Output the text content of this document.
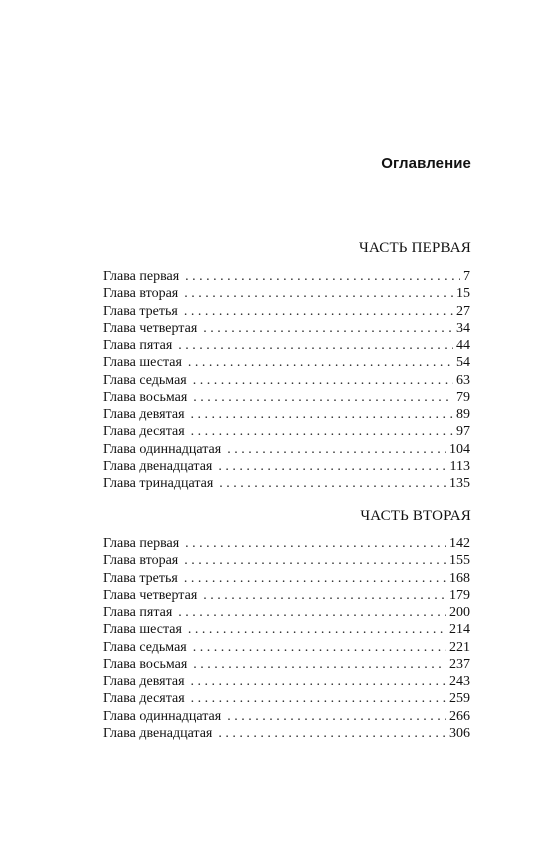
Оглавление
ЧАСТЬ ПЕРВАЯ
Глава первая . . .	7
Глава вторая . . .	15
Глава третья . . .	27
Глава четвертая . . .	34
Глава пятая . . .	44
Глава шестая . . .	54
Глава седьмая . . .	63
Глава восьмая . . .	79
Глава девятая . . .	89
Глава десятая . . .	97
Глава одиннадцатая . . .	104
Глава двенадцатая . . .	113
Глава тринадцатая . . .	135
ЧАСТЬ ВТОРАЯ
Глава первая . . .	142
Глава вторая . . .	155
Глава третья . . .	168
Глава четвертая . . .	179
Глава пятая . . .	200
Глава шестая . . .	214
Глава седьмая . . .	221
Глава восьмая . . .	237
Глава девятая . . .	243
Глава десятая . . .	259
Глава одиннадцатая . . .	266
Глава двенадцатая . . .	306
